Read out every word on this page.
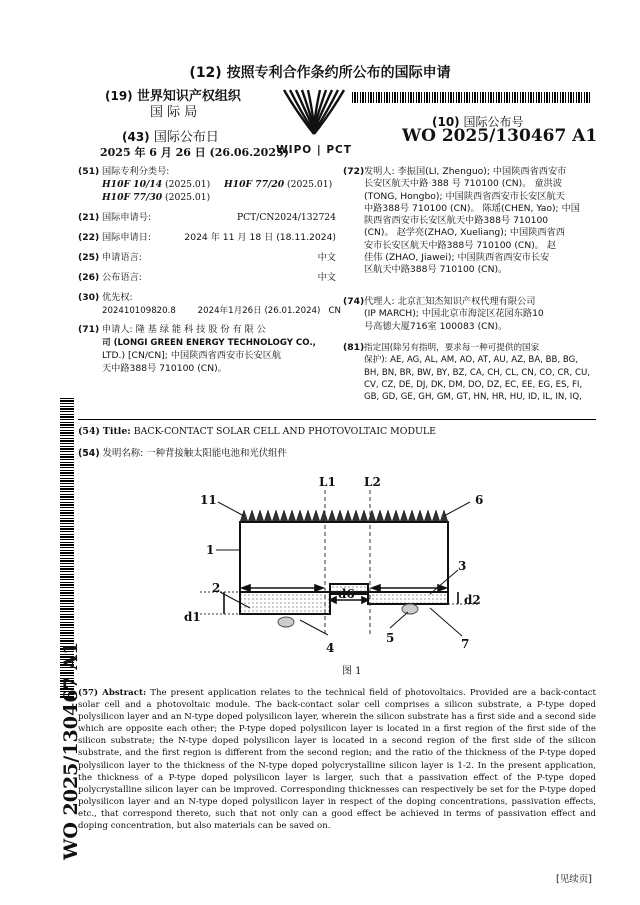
(12) 按照专利合作条约所公布的国际申请
(19) 世界知识产权组织
国 际 局
(43) 国际公布日
2025 年 6 月 26 日 (26.06.2025)
WIPO | PCT
(10) 国际公布号
WO 2025/130467 A1
(51) 国际专利分类号:
H10F 10/14 (2025.01) H10F 77/20 (2025.01)
H10F 77/30 (2025.01)
(21) 国际申请号:	PCT/CN2024/132724
(22) 国际申请日:	2024 年 11 月 18 日 (18.11.2024)
(25) 申请语言:	中文
(26) 公布语言:	中文
(30) 优先权:
202410109820.8        2024年1月26日 (26.01.2024)   CN
(71) 申请人: 隆 基 绿 能 科 技 股 份 有 限 公
司 (LONGI GREEN ENERGY TECHNOLOGY CO.,
LTD.) [CN/CN]; 中国陕西省西安市长安区航
天中路388号 710100 (CN)。
(72) 发明人: 李振国(LI, Zhenguo); 中国陕西省西安市
长安区航天中路 388 号 710100 (CN)。 童洪波
(TONG, Hongbo); 中国陕西省西安市长安区航天
中路388号 710100 (CN)。 陈瑶(CHEN, Yao); 中国
陕西省西安市长安区航天中路388号 710100
(CN)。 赵学亮(ZHAO, Xueliang); 中国陕西省西
安市长安区航天中路388号 710100 (CN)。 赵
佳伟 (ZHAO, Jiawei); 中国陕西省西安市长安
区航天中路388号 710100 (CN)。
(74) 代理人: 北京汇知杰知识产权代理有限公司
(IP MARCH); 中国北京市海淀区花园东路10
号高德大厦716室 100083 (CN)。
(81) 指定国(除另有指明，要求每一种可提供的国家
保护): AE, AG, AL, AM, AO, AT, AU, AZ, BA, BB, BG,
BH, BN, BR, BW, BY, BZ, CA, CH, CL, CN, CO, CR, CU,
CV, CZ, DE, DJ, DK, DM, DO, DZ, EC, EE, EG, ES, FI,
GB, GD, GE, GH, GM, GT, HN, HR, HU, ID, IL, IN, IQ,
WO 2025/130467 A1
(54) Title: BACK-CONTACT SOLAR CELL AND PHOTOVOLTAIC MODULE
(54) 发明名称: 一种背接触太阳能电池和光伏组件
L1 L2
11	6
1
2
3
d6	d2
d1
4
5	7
图 1
(57) Abstract: The present application relates to the technical field of photovoltaics. Provided are a back-contact solar cell and a photovoltaic module. The back-contact solar cell comprises a silicon substrate, a P-type doped polysilicon layer and an N-type doped polysilicon layer, wherein the silicon substrate has a first side and a second side which are opposite each other; the P-type doped polysilicon layer is located in a first region of the first side of the silicon substrate; the N-type doped polysilicon layer is located in a second region of the first side of the silicon substrate, and the first region is different from the second region; and the ratio of the thickness of the P-type doped polysilicon layer to the thickness of the N-type doped polycrystalline silicon layer is 1-2. In the present application, the thickness of a P-type doped polysilicon layer is larger, such that a passivation effect of the P-type doped polycrystalline silicon layer can be improved. Corresponding thicknesses can respectively be set for the P-type doped polysilicon layer and an N-type doped polysilicon layer in respect of the doping concentrations, passivation effects, etc., that correspond thereto, such that not only can a good effect be achieved in terms of passivation effect and doping concentration, but also materials can be saved on.
[见续页]
